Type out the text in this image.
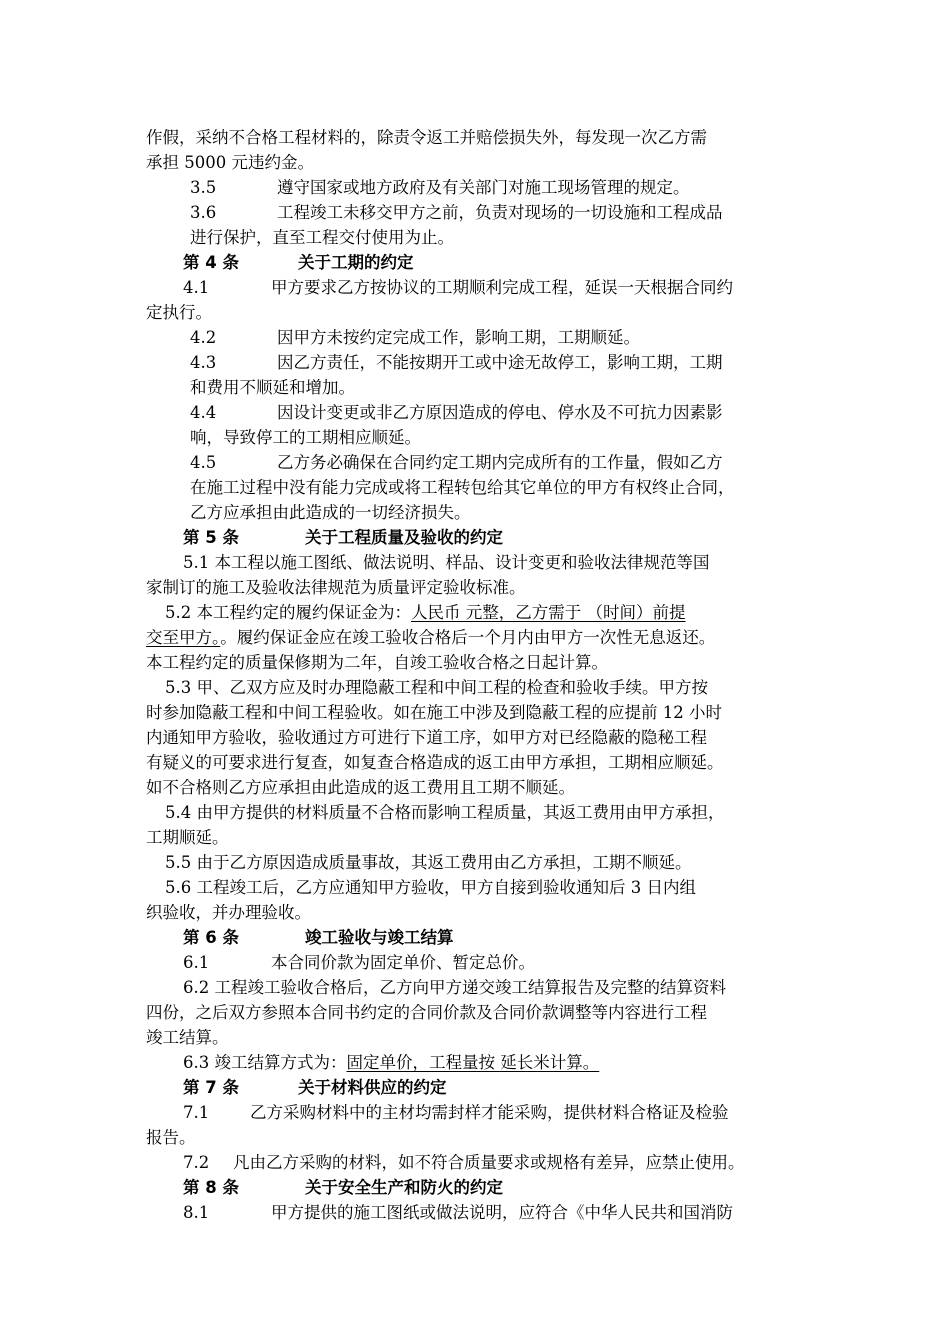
作假，采纳不合格工程材料的，除责令返工并赔偿损失外，每发现一次乙方需
承担 5000 元违约金。
3.5	遵守国家或地方政府及有关部门对施工现场管理的规定。
3.6	工程竣工未移交甲方之前，负责对现场的一切设施和工程成品
进行保护，直至工程交付使用为止。
第 4 条	关于工期的约定
4.1	甲方要求乙方按协议的工期顺利完成工程，延误一天根据合同约
定执行。
4.2	因甲方未按约定完成工作，影响工期，工期顺延。
4.3	因乙方责任，不能按期开工或中途无故停工，影响工期，工期
和费用不顺延和增加。
4.4	因设计变更或非乙方原因造成的停电、停水及不可抗力因素影
响，导致停工的工期相应顺延。
4.5	乙方务必确保在合同约定工期内完成所有的工作量，假如乙方
在施工过程中没有能力完成或将工程转包给其它单位的甲方有权终止合同，
乙方应承担由此造成的一切经济损失。
第 5 条	关于工程质量及验收的约定
5.1 本工程以施工图纸、做法说明、样品、设计变更和验收法律规范等国
家制订的施工及验收法律规范为质量评定验收标准。
5.2 本工程约定的履约保证金为：人民币 元整，乙方需于 （时间）前提
交至甲方。。履约保证金应在竣工验收合格后一个月内由甲方一次性无息返还。
本工程约定的质量保修期为二年，自竣工验收合格之日起计算。
5.3 甲、乙双方应及时办理隐蔽工程和中间工程的检查和验收手续。甲方按
时参加隐蔽工程和中间工程验收。如在施工中涉及到隐蔽工程的应提前 12 小时
内通知甲方验收，验收通过方可进行下道工序，如甲方对已经隐蔽的隐秘工程
有疑义的可要求进行复查，如复查合格造成的返工由甲方承担，工期相应顺延。
如不合格则乙方应承担由此造成的返工费用且工期不顺延。
5.4 由甲方提供的材料质量不合格而影响工程质量，其返工费用由甲方承担，
工期顺延。
5.5 由于乙方原因造成质量事故，其返工费用由乙方承担，工期不顺延。
5.6 工程竣工后，乙方应通知甲方验收，甲方自接到验收通知后 3 日内组
织验收，并办理验收。
第 6 条	竣工验收与竣工结算
6.1	本合同价款为固定单价、暂定总价。
6.2 工程竣工验收合格后，乙方向甲方递交竣工结算报告及完整的结算资料
四份，之后双方参照本合同书约定的合同价款及合同价款调整等内容进行工程
竣工结算。
6.3 竣工结算方式为：固定单价，工程量按 延长米计算。
第 7 条	关于材料供应的约定
7.1 乙方采购材料中的主材均需封样才能采购，提供材料合格证及检验
报告。
7.2 凡由乙方采购的材料，如不符合质量要求或规格有差异，应禁止使用。
第 8 条	关于安全生产和防火的约定
8.1	甲方提供的施工图纸或做法说明，应符合《中华人民共和国消防
